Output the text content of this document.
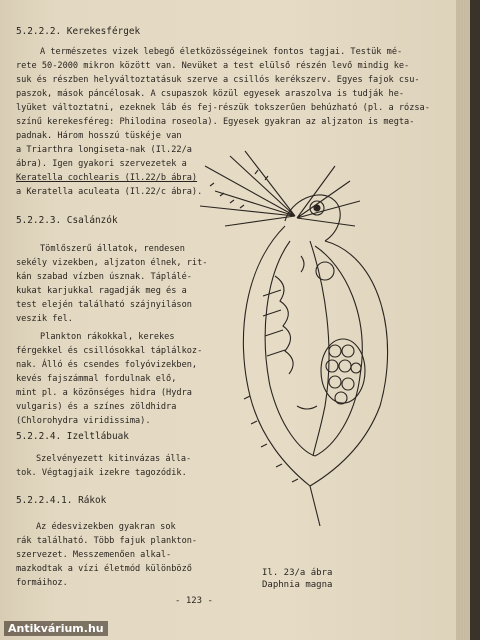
5.2.2.2. Kerekesférgek
A természetes vizek lebegő életközösségeinek fontos tagjai. Testük mé-
rete 50-2000 mikron között van. Nevüket a test elülső részén levő mindig ke-
suk és részben helyváltoztatásuk szerve a csillós kerékszerv. Egyes fajok csu-
paszok, mások páncélosak. A csupaszok közül egyesek araszolva is tudják he-
lyüket változtatni, ezeknek láb és fej-részük tokszerűen behúzható (pl. a rózsa-
színű kerekesféreg: Philodina roseola). Egyesek gyakran az aljzaton is megta-
padnak. Három hosszú tüskéje van
a Triarthra longiseta-nak (Il.22/a
ábra). Igen gyakori szervezetek a
Keratella cochlearis (Il.22/b ábra)
a Keratella aculeata (Il.22/c ábra).
5.2.2.3. Csalánzók
Tömlőszerű állatok, rendesen
sekély vizekben, aljzaton élnek, rit-
kán szabad vízben úsznak. Táplálé-
kukat karjukkal ragadják meg és a
test elején található szájnyiláson
veszik fel.
Plankton rákokkal, kerekes
férgekkel és csillósokkal táplálkoz-
nak. Álló és csendes folyóvizekben,
kevés fajszámmal fordulnak elő,
mint pl. a közönséges hidra (Hydra
vulgaris) és a színes zöldhidra
(Chlorohydra viridissima).
5.2.2.4. Izeltlábuak
Szelvényezett kitinvázas álla-
tok. Végtagjaik izekre tagozódik.
5.2.2.4.1. Rákok
Az édesvizekben gyakran sok
rák található. Több fajuk plankton-
szervezet. Messzemenően alkal-
mazkodtak a vízi életmód különböző
formáihoz.
Il. 23/a ábra
Daphnia magna
- 123 -
Antikvárium.hu
